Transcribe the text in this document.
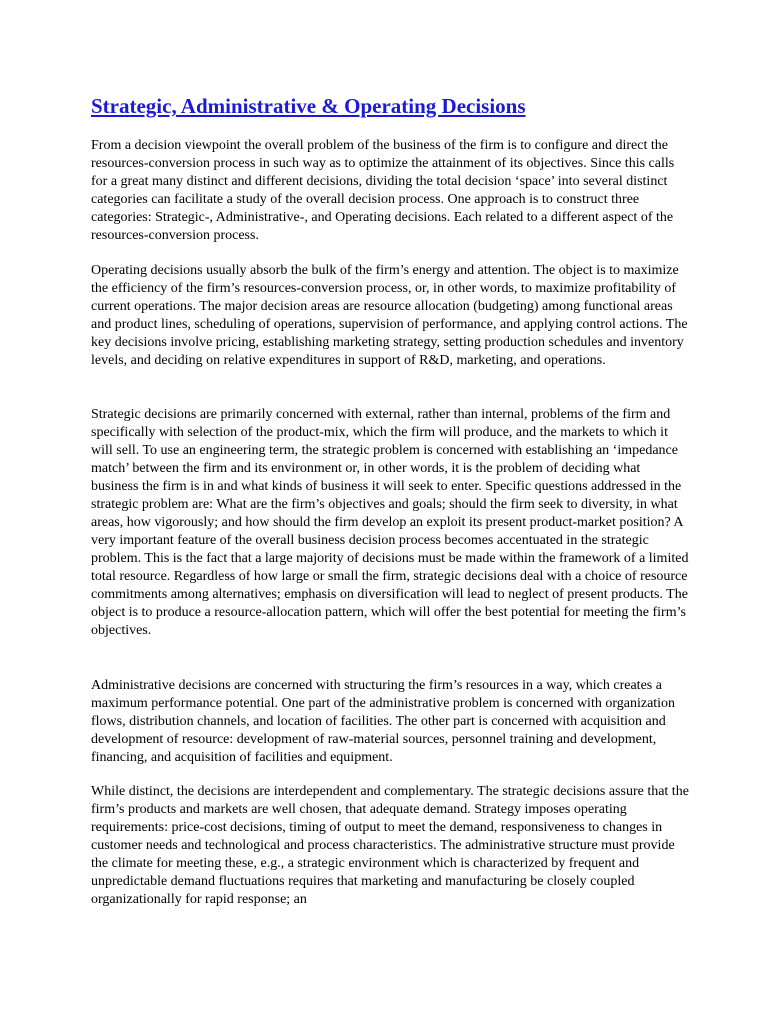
Strategic, Administrative & Operating Decisions

From a decision viewpoint the overall problem of the business of the firm is to configure and direct the resources-conversion process in such way as to optimize the attainment of its objectives. Since this calls for a great many distinct and different decisions, dividing the total decision ‘space’ into several distinct categories can facilitate a study of the overall decision process. One approach is to construct three categories: Strategic-, Administrative-, and Operating decisions. Each related to a different aspect of the resources-conversion process.

Operating decisions usually absorb the bulk of the firm’s energy and attention. The object is to maximize the efficiency of the firm’s resources-conversion process, or, in other words, to maximize profitability of current operations. The major decision areas are resource allocation (budgeting) among functional areas and product lines, scheduling of operations, supervision of performance, and applying control actions. The key decisions involve pricing, establishing marketing strategy, setting production schedules and inventory levels, and deciding on relative expenditures in support of R&D, marketing, and operations.

Strategic decisions are primarily concerned with external, rather than internal, problems of the firm and specifically with selection of the product-mix, which the firm will produce, and the markets to which it will sell. To use an engineering term, the strategic problem is concerned with establishing an ‘impedance match’ between the firm and its environment or, in other words, it is the problem of deciding what business the firm is in and what kinds of business it will seek to enter. Specific questions addressed in the strategic problem are: What are the firm’s objectives and goals; should the firm seek to diversity, in what areas, how vigorously; and how should the firm develop an exploit its present product-market position? A very important feature of the overall business decision process becomes accentuated in the strategic problem. This is the fact that a large majority of decisions must be made within the framework of a limited total resource. Regardless of how large or small the firm, strategic decisions deal with a choice of resource commitments among alternatives; emphasis on diversification will lead to neglect of present products. The object is to produce a resource-allocation pattern, which will offer the best potential for meeting the firm’s objectives.

Administrative decisions are concerned with structuring the firm’s resources in a way, which creates a maximum performance potential. One part of the administrative problem is concerned with organization flows, distribution channels, and location of facilities. The other part is concerned with acquisition and development of resource: development of raw-material sources, personnel training and development, financing, and acquisition of facilities and equipment.

While distinct, the decisions are interdependent and complementary. The strategic decisions assure that the firm’s products and markets are well chosen, that adequate demand. Strategy imposes operating requirements: price-cost decisions, timing of output to meet the demand, responsiveness to changes in customer needs and technological and process characteristics. The administrative structure must provide the climate for meeting these, e.g., a strategic environment which is characterized by frequent and unpredictable demand fluctuations requires that marketing and manufacturing be closely coupled organizationally for rapid response; an
